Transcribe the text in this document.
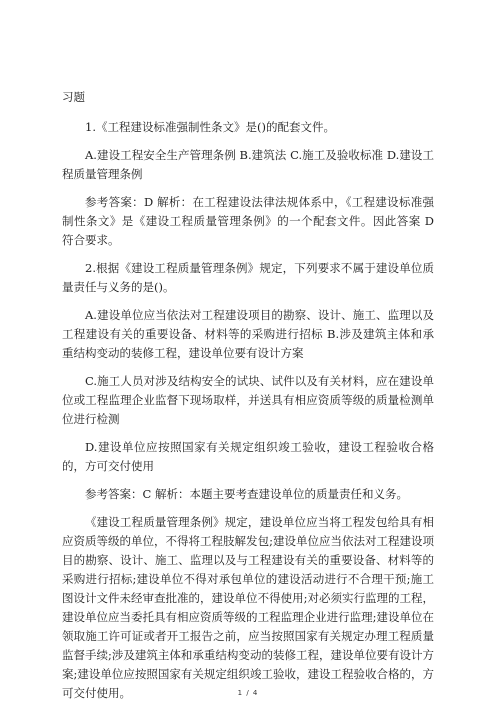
习题

1.《工程建设标准强制性条文》是()的配套文件。

A.建设工程安全生产管理条例 B.建筑法 C.施工及验收标准 D.建设工程质量管理条例

参考答案：D 解析：在工程建设法律法规体系中，《工程建设标准强制性条文》是《建设工程质量管理条例》的一个配套文件。因此答案 D 符合要求。

2.根据《建设工程质量管理条例》规定，下列要求不属于建设单位质量责任与义务的是()。

A.建设单位应当依法对工程建设项目的勘察、设计、施工、监理以及工程建设有关的重要设备、材料等的采购进行招标 B.涉及建筑主体和承重结构变动的装修工程，建设单位要有设计方案

C.施工人员对涉及结构安全的试块、试件以及有关材料，应在建设单位或工程监理企业监督下现场取样，并送具有相应资质等级的质量检测单位进行检测

D.建设单位应按照国家有关规定组织竣工验收，建设工程验收合格的，方可交付使用

参考答案：C 解析：本题主要考查建设单位的质量责任和义务。

《建设工程质量管理条例》规定，建设单位应当将工程发包给具有相应资质等级的单位，不得将工程肢解发包;建设单位应当依法对工程建设项目的勘察、设计、施工、监理以及与工程建设有关的重要设备、材料等的采购进行招标;建设单位不得对承包单位的建设活动进行不合理干预;施工图设计文件未经审查批准的，建设单位不得使用;对必须实行监理的工程，建设单位应当委托具有相应资质等级的工程监理企业进行监理;建设单位在领取施工许可证或者开工报告之前，应当按照国家有关规定办理工程质量监督手续;涉及建筑主体和承重结构变动的装修工程，建设单位要有设计方案;建设单位应按照国家有关规定组织竣工验收，建设工程验收合格的，方可交付使用。	1 / 4
